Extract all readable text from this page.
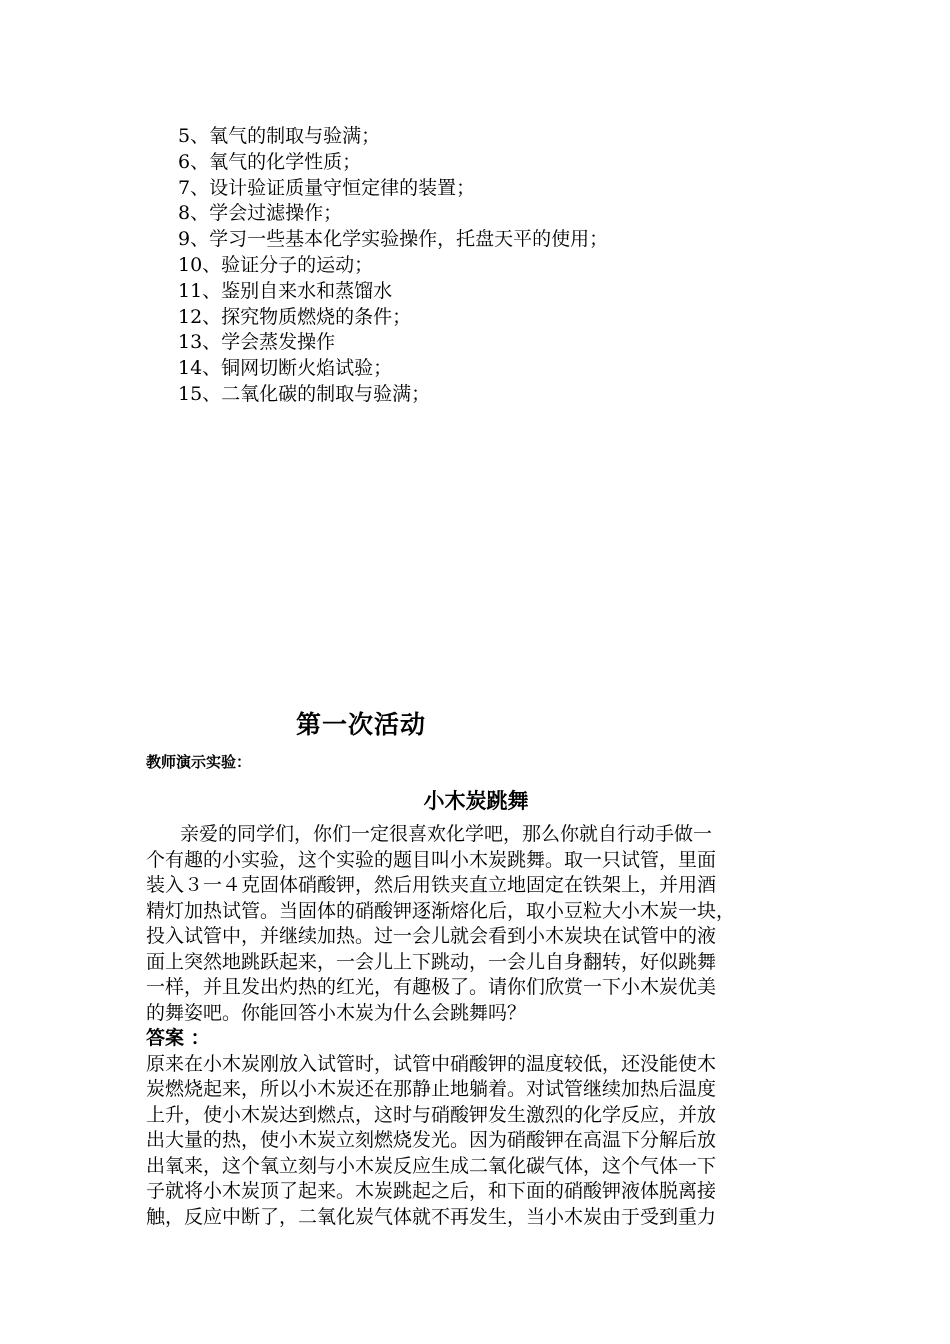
5、氧气的制取与验满；
6、氧气的化学性质；
7、设计验证质量守恒定律的装置；
8、学会过滤操作；
9、学习一些基本化学实验操作，托盘天平的使用；
10、验证分子的运动；
11、鉴别自来水和蒸馏水
12、探究物质燃烧的条件；
13、学会蒸发操作
14、铜网切断火焰试验；
15、二氧化碳的制取与验满；
第一次活动
教师演示实验：
小木炭跳舞
亲爱的同学们，你们一定很喜欢化学吧，那么你就自行动手做一
个有趣的小实验，这个实验的题目叫小木炭跳舞。取一只试管，里面
装入３一４克固体硝酸钾，然后用铁夹直立地固定在铁架上，并用酒
精灯加热试管。当固体的硝酸钾逐渐熔化后，取小豆粒大小木炭一块，
投入试管中，并继续加热。过一会儿就会看到小木炭块在试管中的液
面上突然地跳跃起来，一会儿上下跳动，一会儿自身翻转，好似跳舞
一样，并且发出灼热的红光，有趣极了。请你们欣赏一下小木炭优美
的舞姿吧。你能回答小木炭为什么会跳舞吗？
答案 ：
原来在小木炭刚放入试管时，试管中硝酸钾的温度较低，还没能使木
炭燃烧起来，所以小木炭还在那静止地躺着。对试管继续加热后温度
上升，使小木炭达到燃点，这时与硝酸钾发生激烈的化学反应，并放
出大量的热，使小木炭立刻燃烧发光。因为硝酸钾在高温下分解后放
出氧来，这个氧立刻与小木炭反应生成二氧化碳气体，这个气体一下
子就将小木炭顶了起来。木炭跳起之后，和下面的硝酸钾液体脱离接
触，反应中断了，二氧化炭气体就不再发生，当小木炭由于受到重力
